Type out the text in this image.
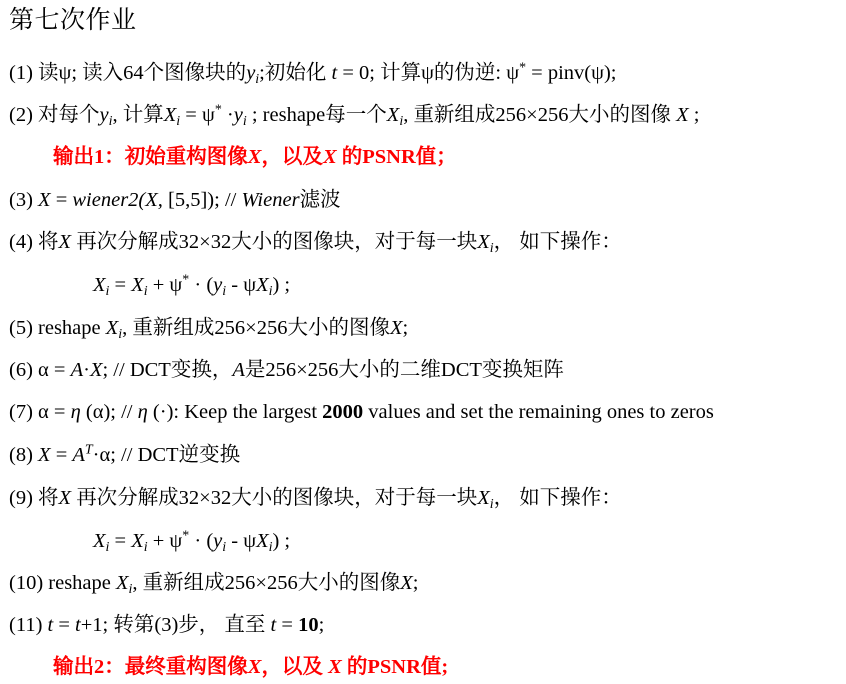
第七次作业
(1) 读ψ; 读入64个图像块的$y_i$;初始化 t = 0; 计算ψ的伪逆: ψ* = pinv(ψ);
(2) 对每个$y_i$, 计算$X_i = \psi^* \cdot y_i$ ; reshape每一个$X_i$, 重新组成256×256大小的图像 X ;
输出1：初始重构图像X，以及X 的PSNR值；
(3) X = wiener2(X, [5,5]); // Wiener滤波
(4) 将X 再次分解成32×32大小的图像块，对于每一块$X_i$， 如下操作：
$X_i = X_i + \psi^* \cdot (y_i - \psi X_i)$ ;
(5) reshape $X_i$, 重新组成256×256大小的图像X;
(6) α = A·X; // DCT变换，A是256×256大小的二维DCT变换矩阵
(7) α = η (α); // η (·): Keep the largest 2000 values and set the remaining ones to zeros
(8) $X = A^T\cdot\alpha$; // DCT逆变换
(9) 将X 再次分解成32×32大小的图像块，对于每一块$X_i$， 如下操作：
$X_i = X_i + \psi^* \cdot (y_i - \psi X_i)$ ;
(10) reshape $X_i$, 重新组成256×256大小的图像X;
(11) t = t+1; 转第(3)步， 直至 t = 10;
输出2：最终重构图像X，以及 X 的PSNR值;
